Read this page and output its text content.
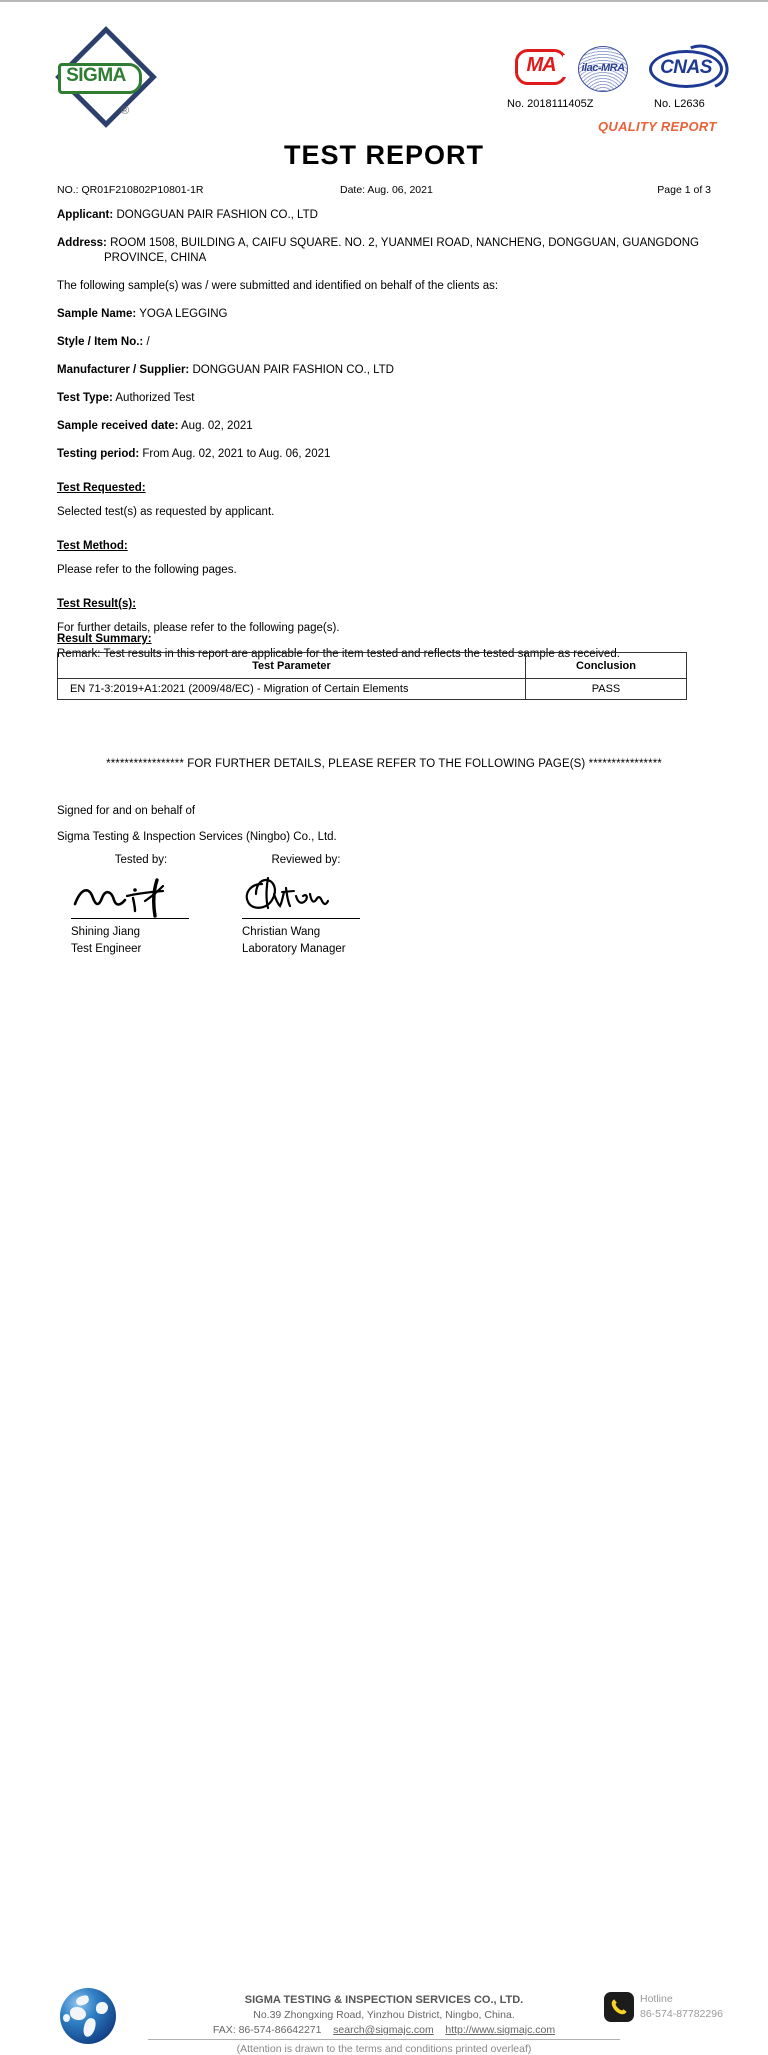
SIGMA
®
MA	ilac-MRA	CNAS
No. 2018111405Z	No. L2636
QUALITY REPORT
TEST REPORT
NO.: QR01F210802P10801-1R	Date: Aug. 06, 2021	Page 1 of 3

Applicant: DONGGUAN PAIR FASHION CO., LTD

Address: ROOM 1508, BUILDING A, CAIFU SQUARE. NO. 2, YUANMEI ROAD, NANCHENG, DONGGUAN, GUANGDONG
PROVINCE, CHINA

The following sample(s) was / were submitted and identified on behalf of the clients as:

Sample Name: YOGA LEGGING

Style / Item No.: /

Manufacturer / Supplier: DONGGUAN PAIR FASHION CO., LTD

Test Type: Authorized Test

Sample received date: Aug. 02, 2021

Testing period: From Aug. 02, 2021 to Aug. 06, 2021

Test Requested:

Selected test(s) as requested by applicant.

Test Method:

Please refer to the following pages.

Test Result(s):

For further details, please refer to the following page(s).

Remark: Test results in this report are applicable for the item tested and reflects the tested sample as received.

Result Summary:
Test Parameter	Conclusion
EN 71-3:2019+A1:2021 (2009/48/EC) - Migration of Certain Elements	PASS
***************** FOR FURTHER DETAILS, PLEASE REFER TO THE FOLLOWING PAGE(S) ****************

Signed for and on behalf of

Sigma Testing & Inspection Services (Ningbo) Co., Ltd.

Tested by:

Shining Jiang
Test Engineer

Reviewed by:

Christian Wang
Laboratory Manager
SIGMA TESTING & INSPECTION SERVICES CO., LTD.
No.39 Zhongxing Road, Yinzhou District, Ningbo, China.
FAX: 86-574-86642271 search@sigmajc.com http://www.sigmajc.com
(Attention is drawn to the terms and conditions printed overleaf)
Hotline
86-574-87782296
